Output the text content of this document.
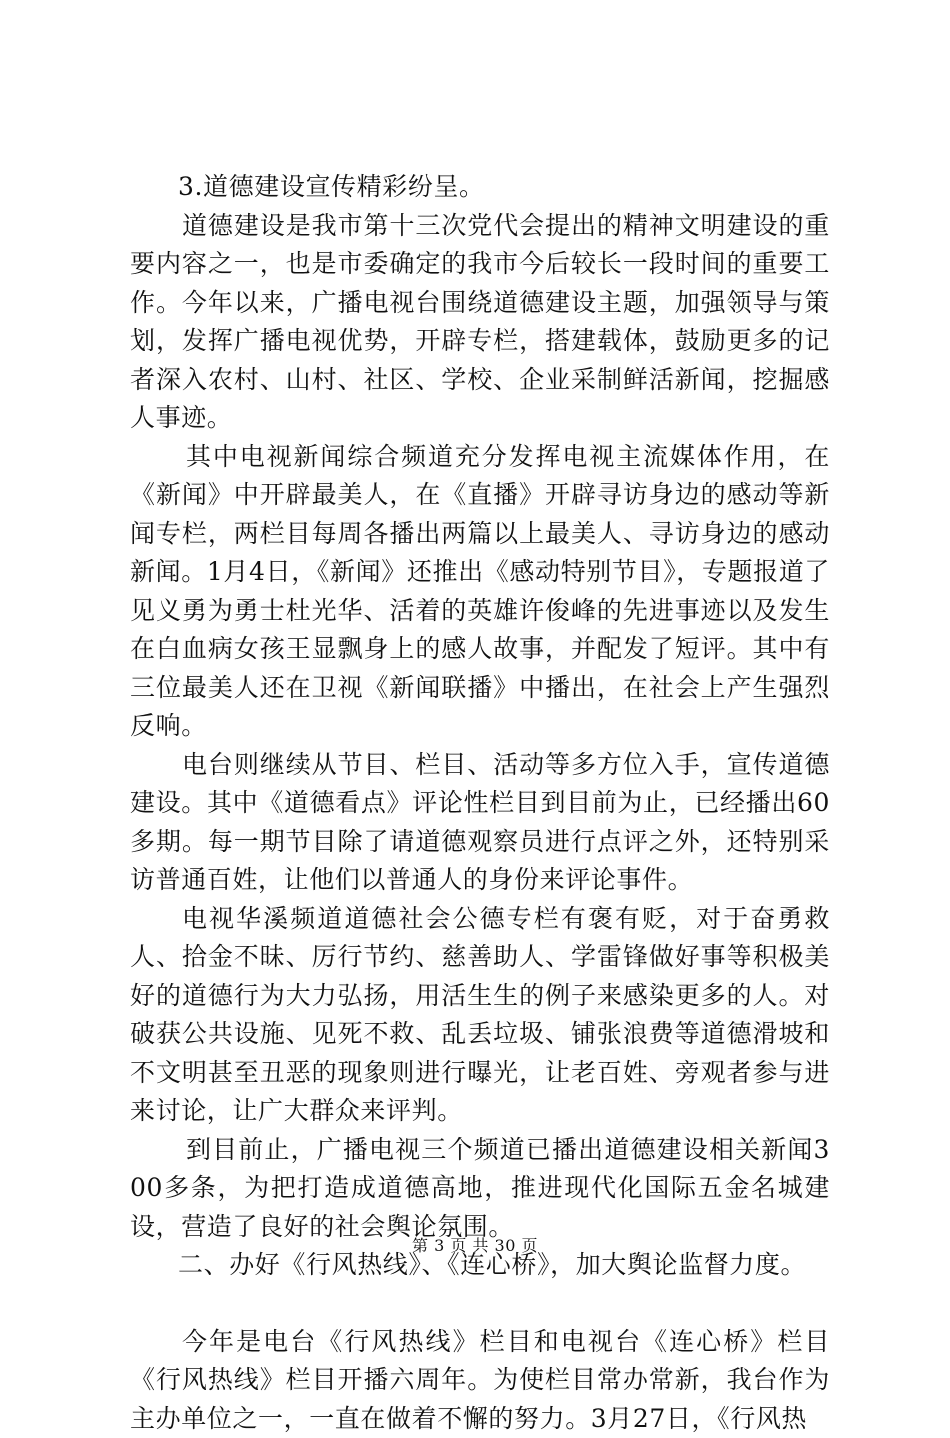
3.道德建设宣传精彩纷呈。

道德建设是我市第十三次党代会提出的精神文明建设的重要内容之一，也是市委确定的我市今后较长一段时间的重要工作。今年以来，广播电视台围绕道德建设主题，加强领导与策划，发挥广播电视优势，开辟专栏，搭建载体，鼓励更多的记者深入农村、山村、社区、学校、企业采制鲜活新闻，挖掘感人事迹。

其中电视新闻综合频道充分发挥电视主流媒体作用，在《新闻》中开辟最美人，在《直播》开辟寻访身边的感动等新闻专栏，两栏目每周各播出两篇以上最美人、寻访身边的感动新闻。1月4日，《新闻》还推出《感动特别节目》，专题报道了见义勇为勇士杜光华、活着的英雄许俊峰的先进事迹以及发生在白血病女孩王显飘身上的感人故事，并配发了短评。其中有三位最美人还在卫视《新闻联播》中播出，在社会上产生强烈反响。

电台则继续从节目、栏目、活动等多方位入手，宣传道德建设。其中《道德看点》评论性栏目到目前为止，已经播出60多期。每一期节目除了请道德观察员进行点评之外，还特别采访普通百姓，让他们以普通人的身份来评论事件。

电视华溪频道道德社会公德专栏有褒有贬，对于奋勇救人、拾金不昧、厉行节约、慈善助人、学雷锋做好事等积极美好的道德行为大力弘扬，用活生生的例子来感染更多的人。对破获公共设施、见死不救、乱丢垃圾、铺张浪费等道德滑坡和不文明甚至丑恶的现象则进行曝光，让老百姓、旁观者参与进来讨论，让广大群众来评判。

到目前止，广播电视三个频道已播出道德建设相关新闻300多条，为把打造成道德高地，推进现代化国际五金名城建设，营造了良好的社会舆论氛围。

二、办好《行风热线》、《连心桥》，加大舆论监督力度。

今年是电台《行风热线》栏目和电视台《连心桥》栏目《行风热线》栏目开播六周年。为使栏目常办常新，我台作为主办单位之一，一直在做着不懈的努力。3月27日，《行风热

第 3 页 共 30 页
